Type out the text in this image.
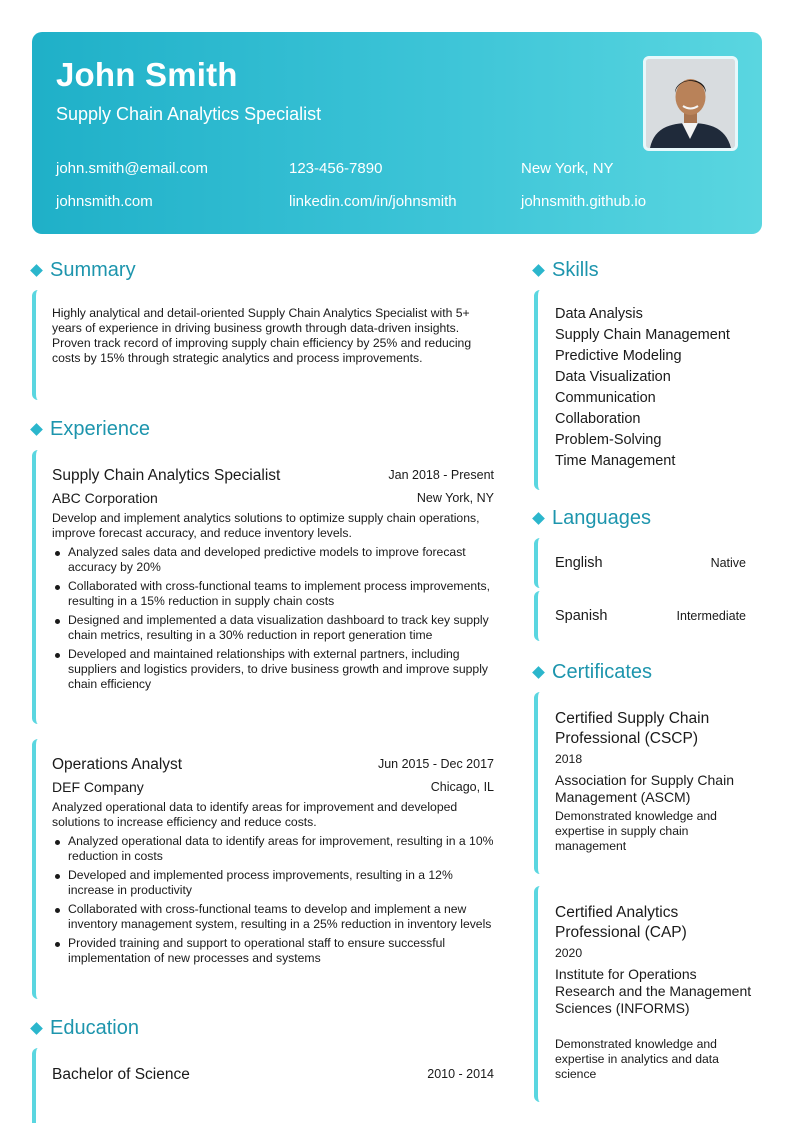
John Smith
Supply Chain Analytics Specialist
john.smith@email.com	123-456-7890	New York, NY
johnsmith.com	linkedin.com/in/johnsmith	johnsmith.github.io
Summary
Highly analytical and detail-oriented Supply Chain Analytics Specialist with 5+ years of experience in driving business growth through data-driven insights. Proven track record of improving supply chain efficiency by 25% and reducing costs by 15% through strategic analytics and process improvements.
Experience
Supply Chain Analytics Specialist	Jan 2018 - Present
ABC Corporation	New York, NY
Develop and implement analytics solutions to optimize supply chain operations, improve forecast accuracy, and reduce inventory levels.
Analyzed sales data and developed predictive models to improve forecast accuracy by 20%
Collaborated with cross-functional teams to implement process improvements, resulting in a 15% reduction in supply chain costs
Designed and implemented a data visualization dashboard to track key supply chain metrics, resulting in a 30% reduction in report generation time
Developed and maintained relationships with external partners, including suppliers and logistics providers, to drive business growth and improve supply chain efficiency
Operations Analyst	Jun 2015 - Dec 2017
DEF Company	Chicago, IL
Analyzed operational data to identify areas for improvement and developed solutions to increase efficiency and reduce costs.
Analyzed operational data to identify areas for improvement, resulting in a 10% reduction in costs
Developed and implemented process improvements, resulting in a 12% increase in productivity
Collaborated with cross-functional teams to develop and implement a new inventory management system, resulting in a 25% reduction in inventory levels
Provided training and support to operational staff to ensure successful implementation of new processes and systems
Education
Bachelor of Science	2010 - 2014
Skills
Data Analysis
Supply Chain Management
Predictive Modeling
Data Visualization
Communication
Collaboration
Problem-Solving
Time Management
Languages
English	Native
Spanish	Intermediate
Certificates
Certified Supply Chain Professional (CSCP)
2018
Association for Supply Chain Management (ASCM)
Demonstrated knowledge and expertise in supply chain management
Certified Analytics Professional (CAP)
2020
Institute for Operations Research and the Management Sciences (INFORMS)
Demonstrated knowledge and expertise in analytics and data science
